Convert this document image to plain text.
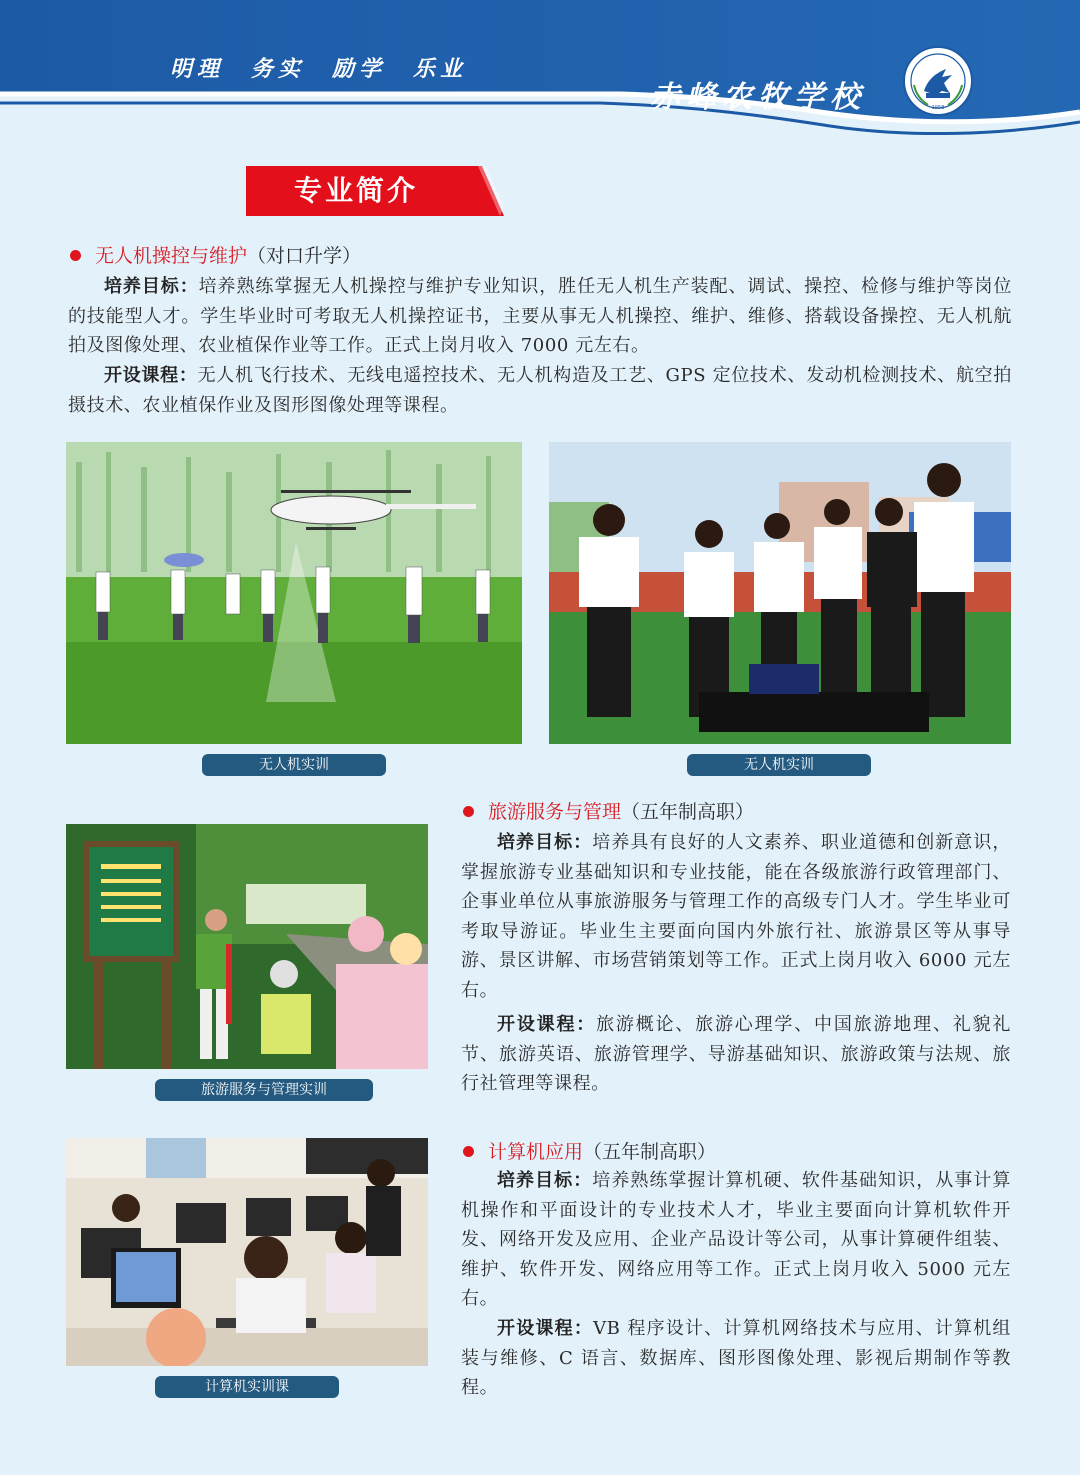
明理　务实　励学　乐业
赤峰农牧学校	1958
专业简介
无人机操控与维护（对口升学）

培养目标：培养熟练掌握无人机操控与维护专业知识，胜任无人机生产装配、调试、操控、检修与维护等岗位的技能型人才。学生毕业时可考取无人机操控证书，主要从事无人机操控、维护、维修、搭载设备操控、无人机航拍及图像处理、农业植保作业等工作。正式上岗月收入 7000 元左右。

开设课程：无人机飞行技术、无线电遥控技术、无人机构造及工艺、GPS 定位技术、发动机检测技术、航空拍摄技术、农业植保作业及图形图像处理等课程。

无人机实训	无人机实训
旅游服务与管理（五年制高职）

培养目标：培养具有良好的人文素养、职业道德和创新意识，掌握旅游专业基础知识和专业技能，能在各级旅游行政管理部门、企事业单位从事旅游服务与管理工作的高级专门人才。学生毕业可考取导游证。毕业生主要面向国内外旅行社、旅游景区等从事导游、景区讲解、市场营销策划等工作。正式上岗月收入 6000 元左右。

开设课程：旅游概论、旅游心理学、中国旅游地理、礼貌礼节、旅游英语、旅游管理学、导游基础知识、旅游政策与法规、旅行社管理等课程。

旅游服务与管理实训
计算机应用（五年制高职）

培养目标：培养熟练掌握计算机硬、软件基础知识，从事计算机操作和平面设计的专业技术人才，毕业主要面向计算机软件开发、网络开发及应用、企业产品设计等公司，从事计算硬件组装、维护、软件开发、网络应用等工作。正式上岗月收入 5000 元左右。

开设课程：VB 程序设计、计算机网络技术与应用、计算机组装与维修、C 语言、数据库、图形图像处理、影视后期制作等教程。

计算机实训课
